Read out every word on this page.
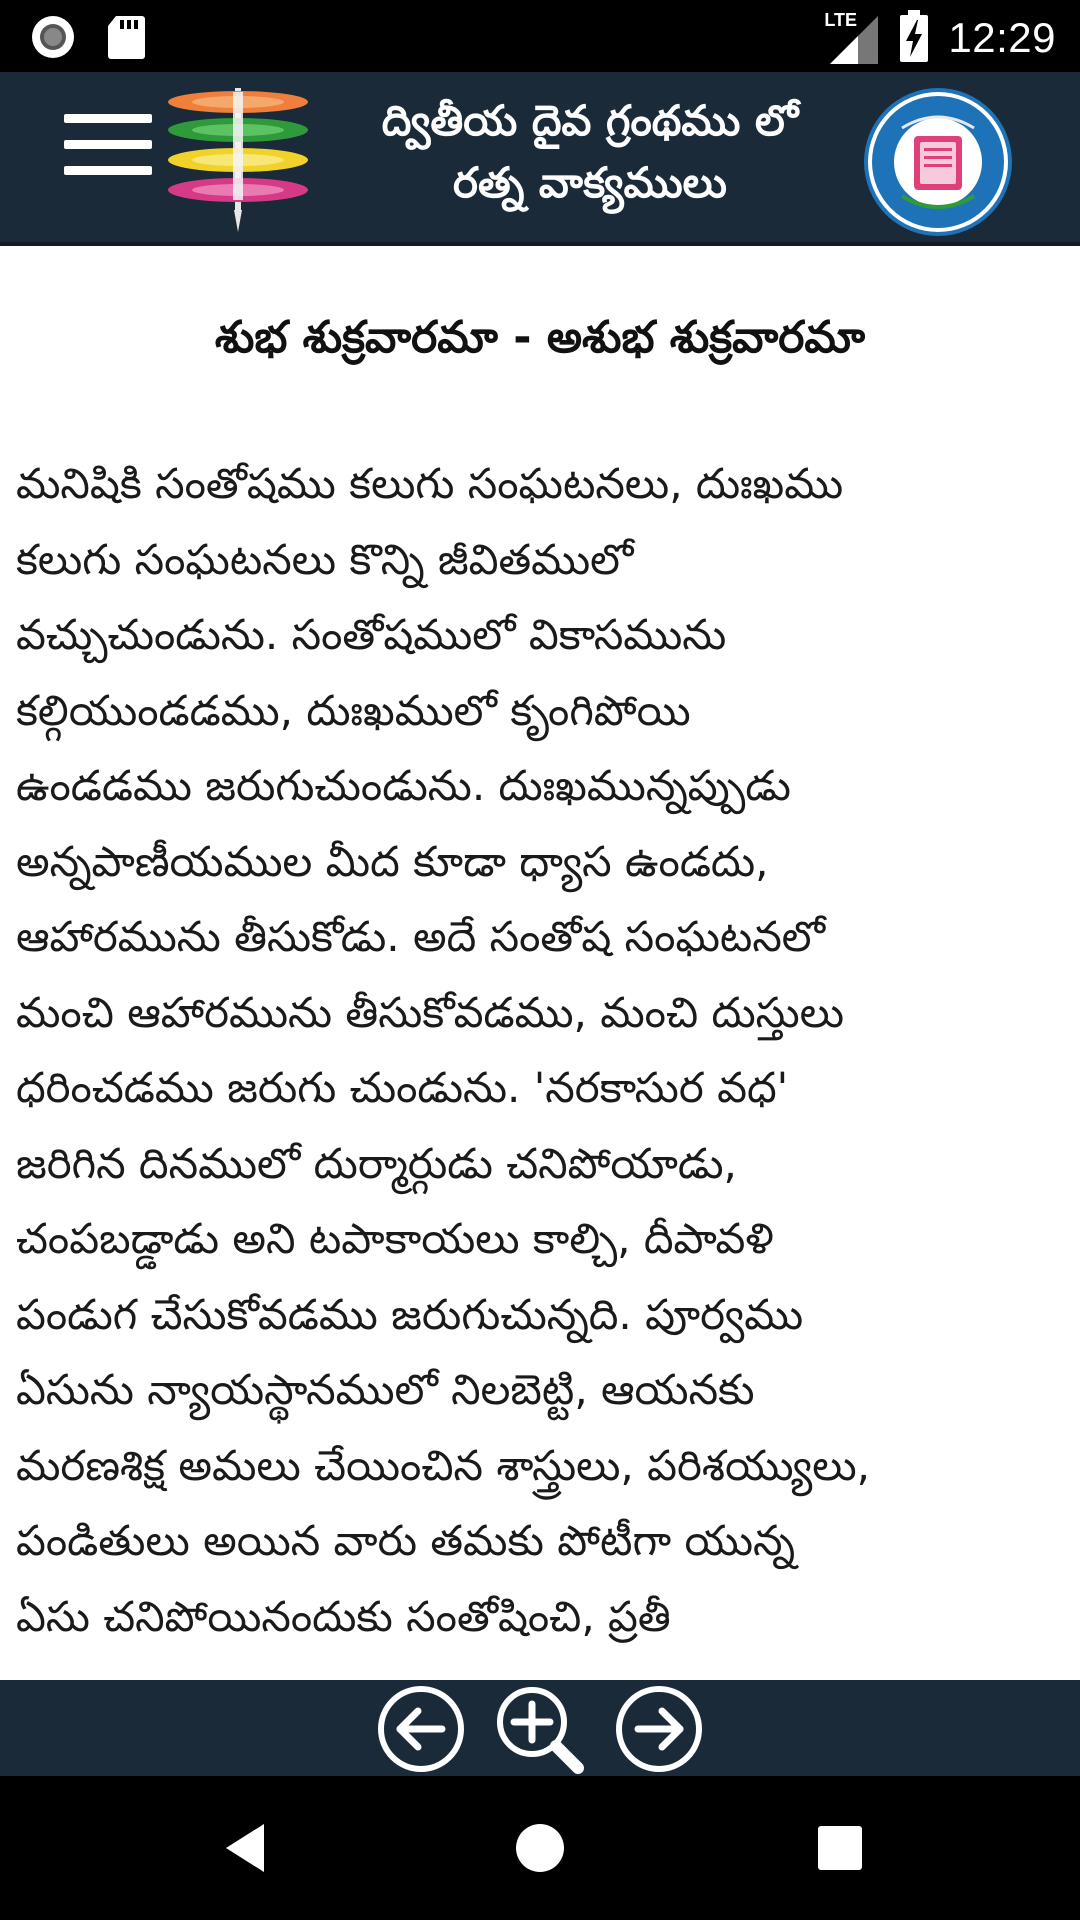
LTE 12:29
ద్వితీయ దైవ గ్రంథము లో
రత్న వాక్యములు
శుభ శుక్రవారమా - అశుభ శుక్రవారమా
మనిషికి సంతోషము కలుగు సంఘటనలు, దుఃఖము
కలుగు సంఘటనలు కొన్ని జీవితములో
వచ్చుచుండును. సంతోషములో వికాసమును
కల్గియుండడము, దుఃఖములో కృంగిపోయి
ఉండడము జరుగుచుండును. దుఃఖమున్నప్పుడు
అన్నపాణీయముల మీద కూడా ధ్యాస ఉండదు,
ఆహారమును తీసుకోడు. అదే సంతోష సంఘటనలో
మంచి ఆహారమును తీసుకోవడము, మంచి దుస్తులు
ధరించడము జరుగు చుండును. 'నరకాసుర వధ'
జరిగిన దినములో దుర్మార్గుడు చనిపోయాడు,
చంపబడ్డాడు అని టపాకాయలు కాల్చి, దీపావళి
పండుగ చేసుకోవడము జరుగుచున్నది. పూర్వము
ఏసును న్యాయస్థానములో నిలబెట్టి, ఆయనకు
మరణశిక్ష అమలు చేయించిన శాస్త్రులు, పరిశయ్యులు,
పండితులు అయిన వారు తమకు పోటీగా యున్న
ఏసు చనిపోయినందుకు సంతోషించి, ప్రతీ
